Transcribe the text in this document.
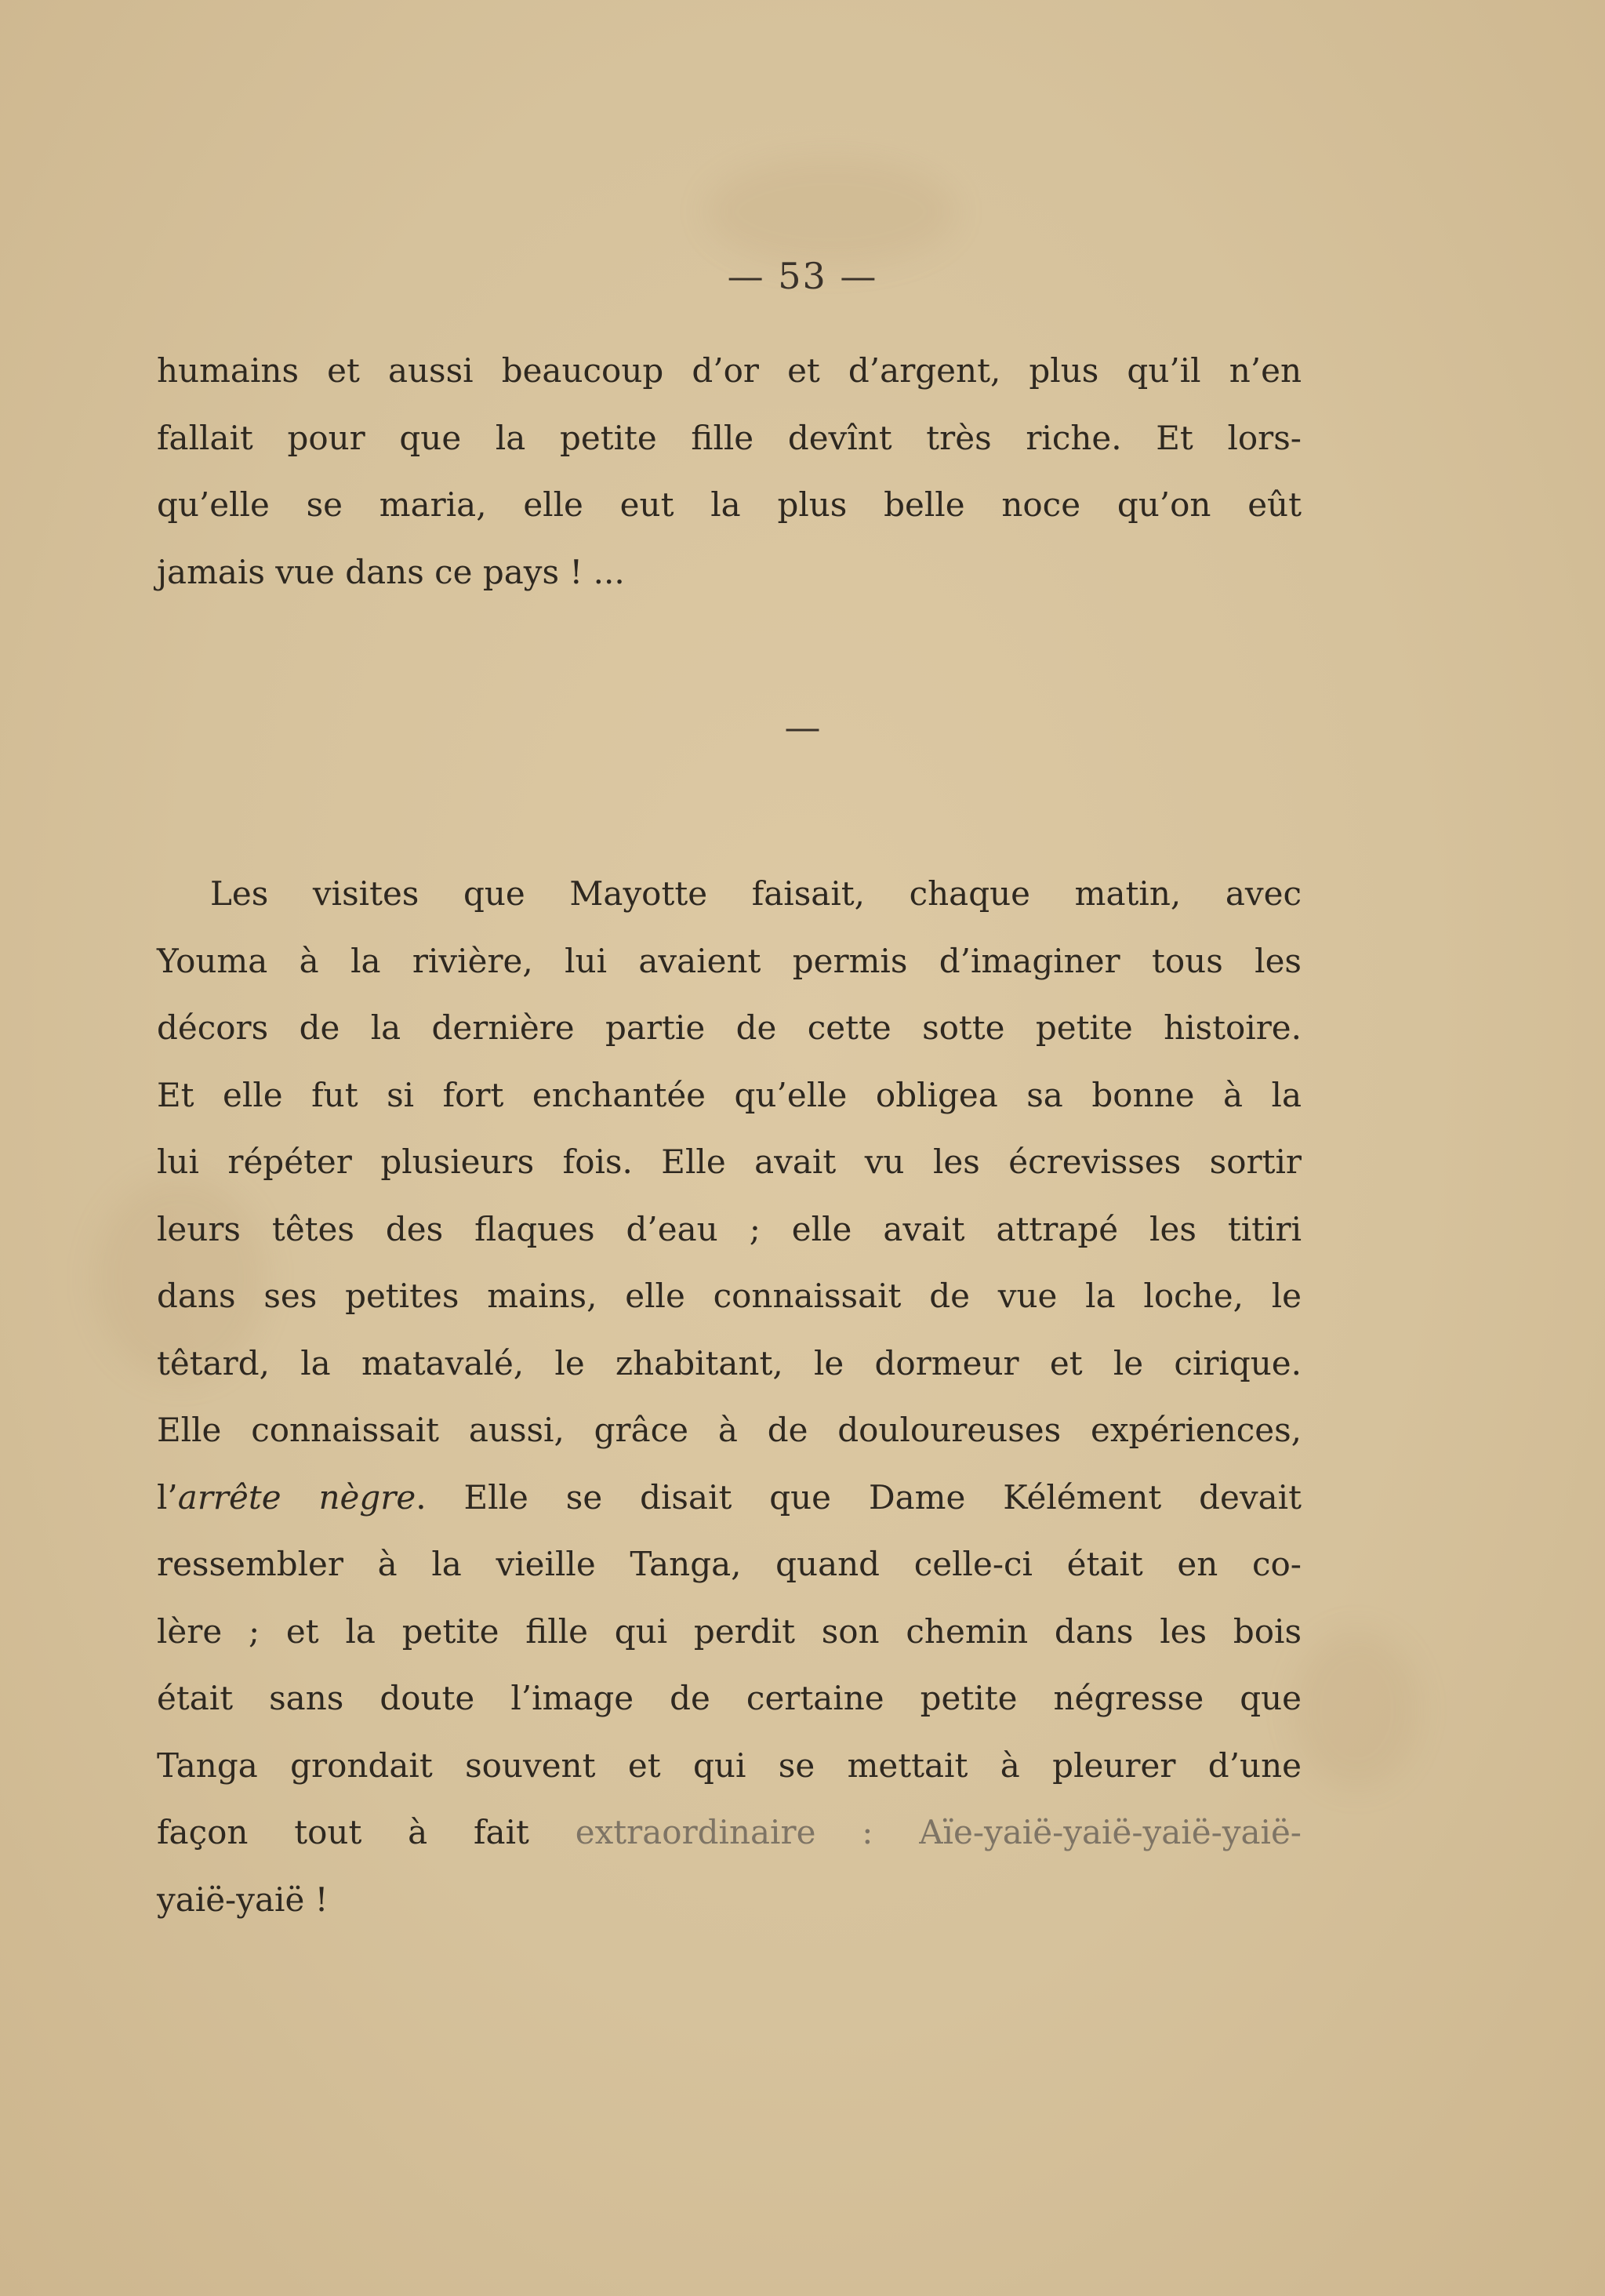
— 53 —
humains et aussi beaucoup d’or et d’argent, plus qu’il n’en
fallait pour que la petite fille devînt très riche. Et lors-
qu’elle se maria, elle eut la plus belle noce qu’on eût
jamais vue dans ce pays ! ...
—
Les visites que Mayotte faisait, chaque matin, avec
Youma à la rivière, lui avaient permis d’imaginer tous les
décors de la dernière partie de cette sotte petite histoire.
Et elle fut si fort enchantée qu’elle obligea sa bonne à la
lui répéter plusieurs fois. Elle avait vu les écrevisses sortir
leurs têtes des flaques d’eau ; elle avait attrapé les titiri
dans ses petites mains, elle connaissait de vue la loche, le
têtard, la matavalé, le zhabitant, le dormeur et le cirique.
Elle connaissait aussi, grâce à de douloureuses expériences,
l’arrête nègre. Elle se disait que Dame Kélément devait
ressembler à la vieille Tanga, quand celle-ci était en co-
lère ; et la petite fille qui perdit son chemin dans les bois
était sans doute l’image de certaine petite négresse que
Tanga grondait souvent et qui se mettait à pleurer d’une
façon tout à fait extraordinaire : Aïe-yaië-yaië-yaië-yaië-
yaië-yaië !
